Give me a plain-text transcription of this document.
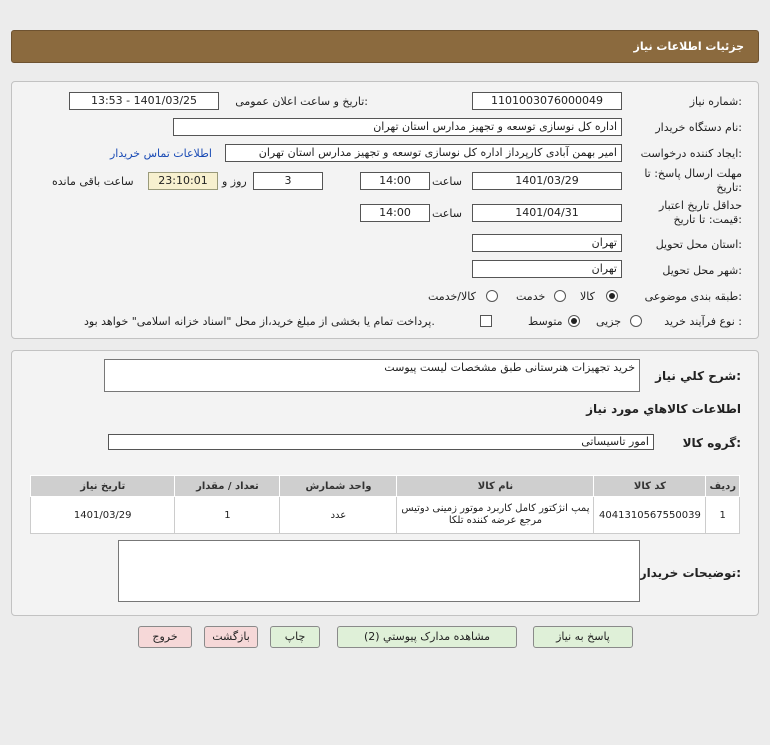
جزئیات اطلاعات نیاز
شماره نیاز:
1101003076000049
تاریخ و ساعت اعلان عمومی:
1401/03/25 - 13:53
نام دستگاه خریدار:
اداره کل نوسازی توسعه و تجهیز مدارس استان تهران
ایجاد کننده درخواست:
امیر بهمن آبادی کارپرداز اداره کل نوسازی توسعه و تجهیز مدارس استان تهران
اطلاعات تماس خریدار
مهلت ارسال پاسخ: تا تاریخ:
1401/03/29
ساعت
14:00
3
روز و
23:10:01
ساعت باقی مانده
حداقل تاریخ اعتبار قیمت: تا تاریخ:
1401/04/31
ساعت
14:00
استان محل تحویل:
تهران
شهر محل تحویل:
تهران
طبقه بندی موضوعی:
کالا
خدمت
کالا/خدمت
نوع فرآیند خرید :
جزیی
متوسط
پرداخت تمام یا بخشی از مبلغ خرید،از محل "اسناد خزانه اسلامی" خواهد بود.
شرح کلي نياز:
خرید تجهیزات هنرستانی طبق مشخصات لیست پیوست
اطلاعات کالاهاي مورد نياز
گروه کالا:
امور تاسیساتی
ردیف	کد کالا	نام کالا	واحد شمارش	تعداد / مقدار	تاریخ نیاز
1	4041310567550039	پمپ انژکتور کامل کاربرد موتور زمینی دوتیس مرجع عرضه کننده تلکا	عدد	1	1401/03/29
توضیحات خریدار:
پاسخ به نیاز
مشاهده مدارک پیوستي (2)
چاپ
بازگشت
خروج
